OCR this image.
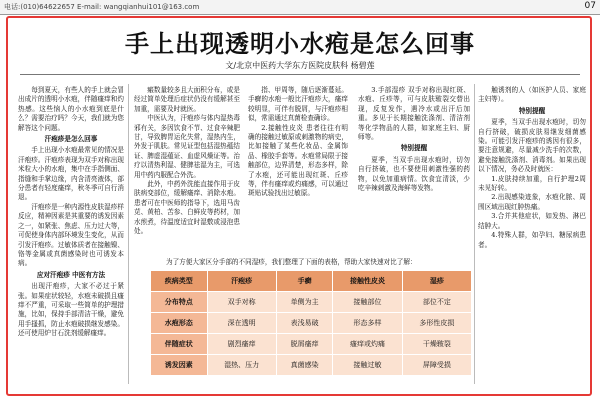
电话:(010)64622657 E-mail: wangqianhui101@163.com	07
手上出现透明小水疱是怎么回事
文/北京中医药大学东方医院皮肤科 杨碧莲

每到夏天，有些人的手上就会冒出成片的透明小水疱，伴随瘙痒和灼热感。这些恼人的小水疱到底是什么？需要治疗吗？今天，我们就为您解答这个问题。

汗疱疹是怎么回事

手上出现小水疱最常见的情况是汗疱疹。汗疱疹表现为双手对称出现米粒大小的水疱，集中在手指侧面、指缝和手掌边缘，内含清亮液体，部分患者有轻度瘙痒，秋冬季可自行消退。

汗疱疹是一种内源性皮肤湿疹样反应，精神因素是其重要的诱发因素之一，如紧张、焦虑、压力过大等，可促使身体内部环境发生变化，从而引发汗疱疹。过敏体质者在接触镍、铬等金属或真菌感染时也可诱发本病。

应对汗疱疹 中医有方法

出现汗疱疹，大家不必过于紧张。如果症状较轻，水疱未破损且瘙痒不严重，可采取一些简单的护理措施，比如，保持手部清洁干燥，避免用手搔抓，防止水疱破损继发感染。还可使用炉甘石洗剂缓解瘙痒。

瘢数量较多且大面积分布，或是经过简单处理后症状仍没有缓解甚至加重，需要及时就医。

中医认为，汗疱疹与体内湿热毒邪有关，多因饮食不节、过食辛辣肥甘，导致脾胃运化失常，湿热内生，外发于肌肤。常见证型包括湿热蕴结证、脾虚湿蕴证、血虚风燥证等。治疗以清热利湿、健脾祛湿为主，可选用中药内服配合外洗。

此外，中药外洗能直接作用于皮肤病变部位，缓解瘙痒、消除水疱。患者可在中医师的指导下，选用马齿苋、黄柏、苦参、白鲜皮等药材，加水煎煮，待温度适宜时湿敷或浸泡患处。

指、甲周等，随后逐渐蔓延。手癣的水疱一般比汗疱疹大，瘙痒较明显，可伴有脱屑，与汗疱疹相似，常需通过真菌检查确诊。

2.接触性皮炎 患者往往有明确的接触过敏原或刺激物的病史，比如接触了某些化妆品、金属饰品、橡胶手套等。水疱常局限于接触部位，边界清楚，形态多样，除了水疱，还可能出现红斑、丘疹等，伴有瘙痒或灼痛感，可以通过斑贴试验找出过敏原。

3.手部湿疹 双手对称出现红斑、水疱、丘疹等，可与皮肤皲裂交替出现，反复发作，遇冷水或出汗后加重。多见于长期接触洗涤剂、清洁剂等化学物品的人群，如家庭主妇、厨师等。

特别提醒

夏季，当双手出现水疱时，切勿自行挤破，也不要使用刺激性强的药物，以免加重病情。饮食宜清淡，少吃辛辣刺激及海鲜等发物。

触诱剂的人（如医护人员、家庭主妇等）。

特别提醒

夏季，当双手出现水疱时，切勿自行挤破，破损皮肤易继发细菌感染。可能引发汗疱疹的诱因有很多，要注意规避，尽量减少洗手的次数，避免接触洗涤剂、消毒剂。如果出现以下情况，务必及时就医：

1.皮肤持续加重，自行护理2周未见好转。

2.出现感染迹象，水疱化脓、周围区域出现红肿热痛。

3.合并其他症状，如发热、淋巴结肿大。

4.特殊人群，如孕妇、糖尿病患者。

为了方便大家区分手部的不同湿疹，我们整理了下面的表格，帮助大家快速对比了解：
疾病类型	汗疱疹	手癣	接触性皮炎	湿疹
分布特点	双手对称	单侧为主	接触部位	部位不定
水疱形态	深在透明	表浅易破	形态多样	多形性皮损
伴随症状	剧烈瘙痒	脱屑瘙痒	瘙痒或灼痛	干燥皲裂
诱发因素	湿热、压力	真菌感染	接触过敏	屏障受损
